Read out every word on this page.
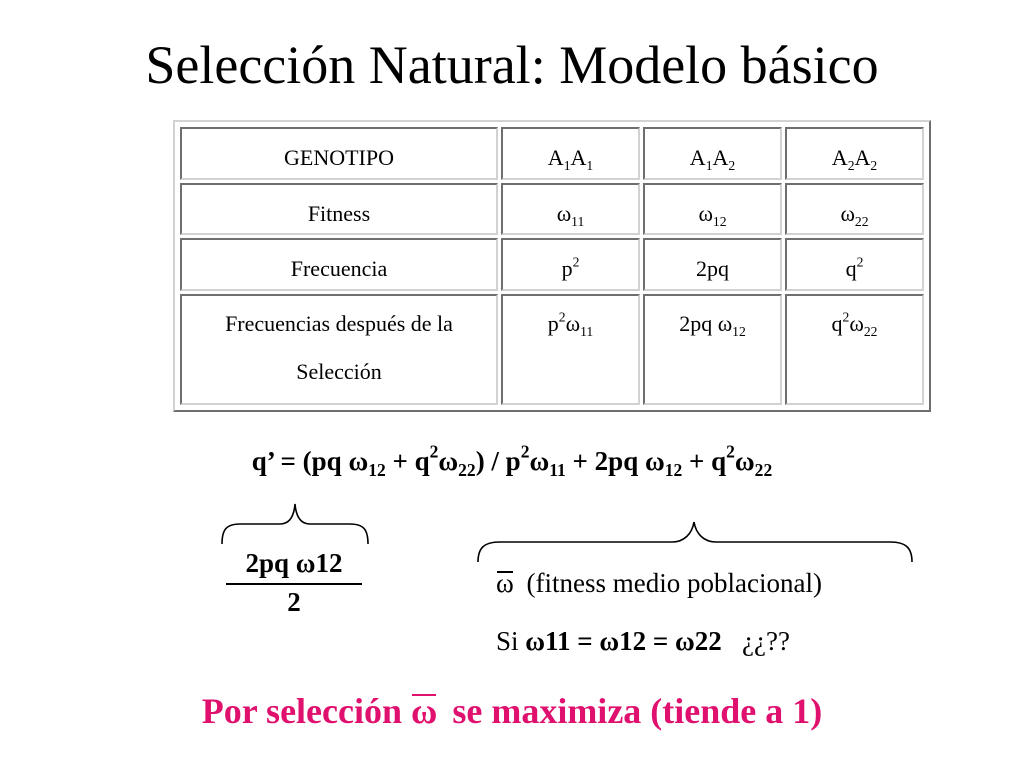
Selección Natural: Modelo básico
GENOTIPO	$A_1A_1$	$A_1A_2$	$A_2A_2$
Fitness	$\omega_{11}$	$\omega_{12}$	$\omega_{22}$
Frecuencia	$p^2$	2pq	$q^2$
Frecuencias después de la
Selección	$p^2\omega_{11}$	2pq $\omega_{12}$	$q^2\omega_{22}$
q’ = (pq $\omega_{12} + q^2\omega_{22}) / p^2\omega_{11} + 2pq$ $\omega_{12} + q^2\omega_{22}$
$\frac{\text{2pq ω12}}{2}$	ω (fitness medio poblacional)
Si ω11 = ω12 = ω22 ¿¿??
Por selección ω se maximiza (tiende a 1)
